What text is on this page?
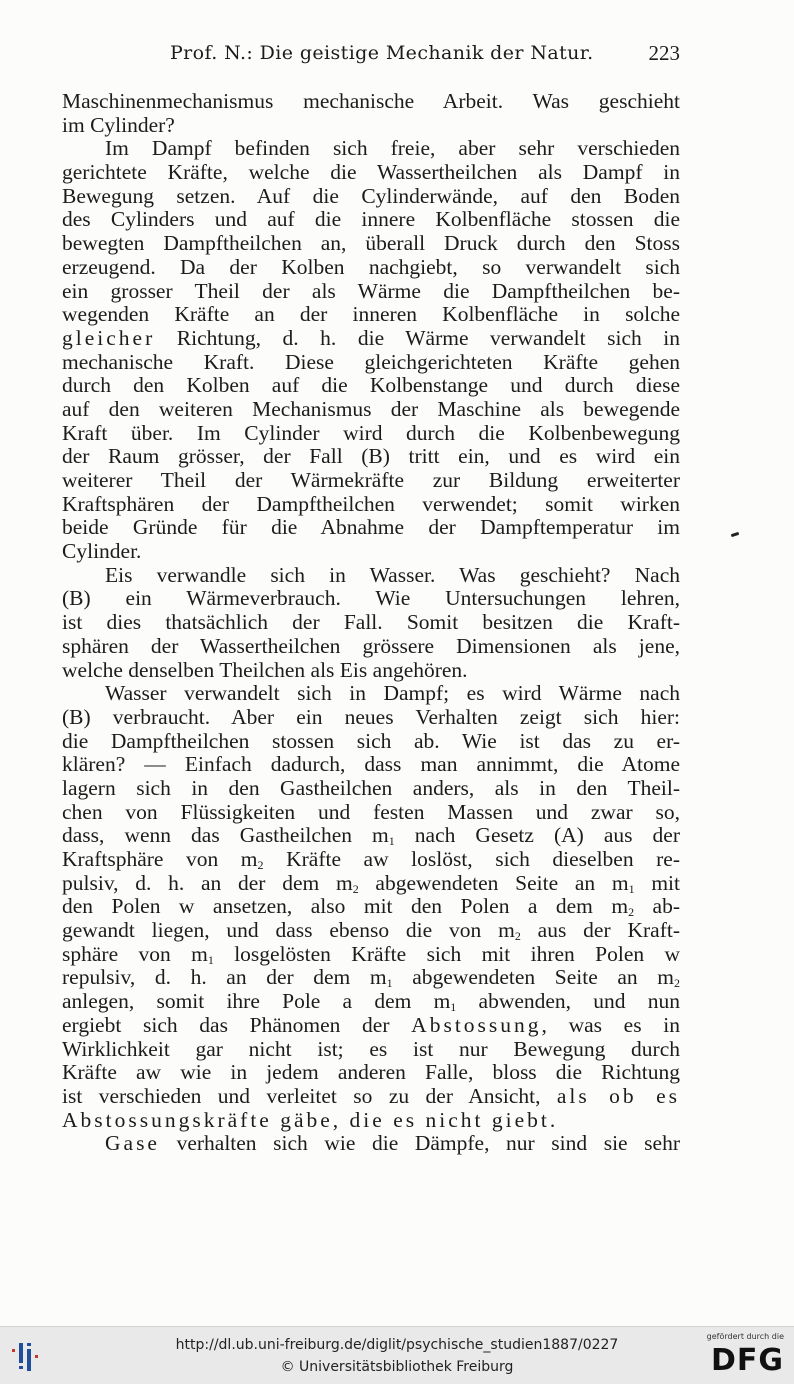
Prof. N.: Die geistige Mechanik der Natur.	223
Maschinenmechanismus mechanische Arbeit. Was geschieht
im Cylinder?
Im Dampf befinden sich freie, aber sehr verschieden
gerichtete Kräfte, welche die Wassertheilchen als Dampf in
Bewegung setzen. Auf die Cylinderwände, auf den Boden
des Cylinders und auf die innere Kolbenfläche stossen die
bewegten Dampftheilchen an, überall Druck durch den Stoss
erzeugend. Da der Kolben nachgiebt, so verwandelt sich
ein grosser Theil der als Wärme die Dampftheilchen be-
wegenden Kräfte an der inneren Kolbenfläche in solche
gleicher Richtung, d. h. die Wärme verwandelt sich in
mechanische Kraft. Diese gleichgerichteten Kräfte gehen
durch den Kolben auf die Kolbenstange und durch diese
auf den weiteren Mechanismus der Maschine als bewegende
Kraft über. Im Cylinder wird durch die Kolbenbewegung
der Raum grösser, der Fall (B) tritt ein, und es wird ein
weiterer Theil der Wärmekräfte zur Bildung erweiterter
Kraftsphären der Dampftheilchen verwendet; somit wirken
beide Gründe für die Abnahme der Dampftemperatur im
Cylinder.
Eis verwandle sich in Wasser. Was geschieht? Nach
(B) ein Wärmeverbrauch. Wie Untersuchungen lehren,
ist dies thatsächlich der Fall. Somit besitzen die Kraft-
sphären der Wassertheilchen grössere Dimensionen als jene,
welche denselben Theilchen als Eis angehören.
Wasser verwandelt sich in Dampf; es wird Wärme nach
(B) verbraucht. Aber ein neues Verhalten zeigt sich hier:
die Dampftheilchen stossen sich ab. Wie ist das zu er-
klären? — Einfach dadurch, dass man annimmt, die Atome
lagern sich in den Gastheilchen anders, als in den Theil-
chen von Flüssigkeiten und festen Massen und zwar so,
dass, wenn das Gastheilchen $m_1$ nach Gesetz (A) aus der
Kraftsphäre von $m_2$ Kräfte aw loslöst, sich dieselben re-
pulsiv, d. h. an der dem $m_2$ abgewendeten Seite an $m_1$ mit
den Polen w ansetzen, also mit den Polen a dem $m_2$ ab-
gewandt liegen, und dass ebenso die von $m_2$ aus der Kraft-
sphäre von $m_1$ losgelösten Kräfte sich mit ihren Polen w
repulsiv, d. h. an der dem $m_1$ abgewendeten Seite an $m_2$
anlegen, somit ihre Pole a dem $m_1$ abwenden, und nun
ergiebt sich das Phänomen der Abstossung, was es in
Wirklichkeit gar nicht ist; es ist nur Bewegung durch
Kräfte aw wie in jedem anderen Falle, bloss die Richtung
ist verschieden und verleitet so zu der Ansicht, als ob es
Abstossungskräfte gäbe, die es nicht giebt.
Gase verhalten sich wie die Dämpfe, nur sind sie sehr
http://dl.ub.uni-freiburg.de/diglit/psychische_studien1887/0227
© Universitätsbibliothek Freiburg
gefördert durch die
DFG
